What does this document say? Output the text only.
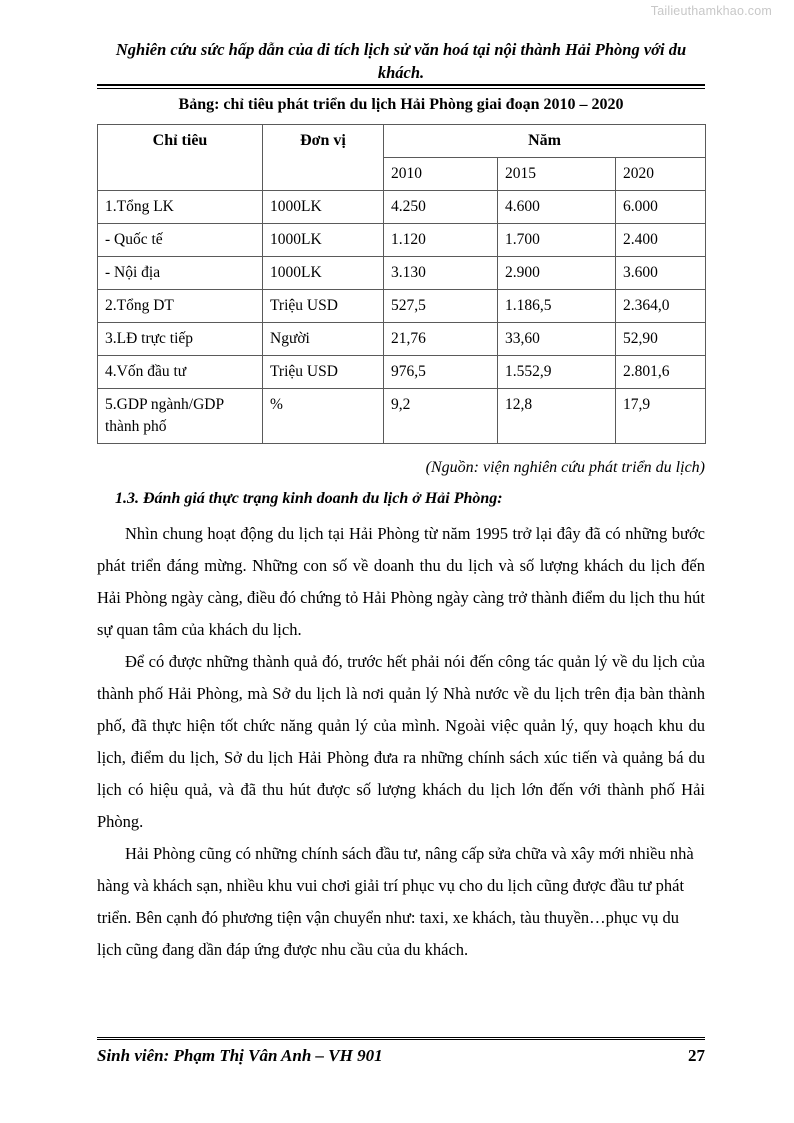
Tailieuthamkhao.com
Nghiên cứu sức hấp dẫn của di tích lịch sử văn hoá tại nội thành Hải Phòng với du khách.
Bảng: chỉ tiêu phát triển du lịch Hải Phòng giai đoạn 2010 – 2020
Chỉ tiêu	Đơn vị	Năm		
		2010	2015	2020
1.Tổng LK	1000LK	4.250	4.600	6.000
- Quốc tế	1000LK	1.120	1.700	2.400
- Nội địa	1000LK	3.130	2.900	3.600
2.Tổng DT	Triệu USD	527,5	1.186,5	2.364,0
3.LĐ trực tiếp	Người	21,76	33,60	52,90
4.Vốn đầu tư	Triệu USD	976,5	1.552,9	2.801,6
5.GDP ngành/GDP thành phố	%	9,2	12,8	17,9
(Nguồn: viện nghiên cứu phát triển du lịch)
1.3. Đánh giá thực trạng kinh doanh du lịch ở Hải Phòng:

Nhìn chung hoạt động du lịch tại Hải Phòng từ năm 1995 trở lại đây đã có những bước phát triển đáng mừng. Những con số về doanh thu du lịch và số lượng khách du lịch đến Hải Phòng ngày càng, điều đó chứng tỏ Hải Phòng ngày càng trở thành điểm du lịch thu hút sự quan tâm của khách du lịch.

Để có được những thành quả đó, trước hết phải nói đến công tác quản lý về du lịch của thành phố Hải Phòng, mà Sở du lịch là nơi quản lý Nhà nước về du lịch trên địa bàn thành phố, đã thực hiện tốt chức năng quản lý của mình. Ngoài việc quản lý, quy hoạch khu du lịch, điểm du lịch, Sở du lịch Hải Phòng đưa ra những chính sách xúc tiến và quảng bá du lịch có hiệu quả, và đã thu hút được số lượng khách du lịch lớn đến với thành phố Hải Phòng.

Hải Phòng cũng có những chính sách đầu tư, nâng cấp sửa chữa và xây mới nhiều nhà hàng và khách sạn, nhiều khu vui chơi giải trí phục vụ cho du lịch cũng được đầu tư phát triển. Bên cạnh đó phương tiện vận chuyển như: taxi, xe khách, tàu thuyền…phục vụ du lịch cũng đang dần đáp ứng được nhu cầu của du khách.

Sinh viên: Phạm Thị Vân Anh – VH 901	27
